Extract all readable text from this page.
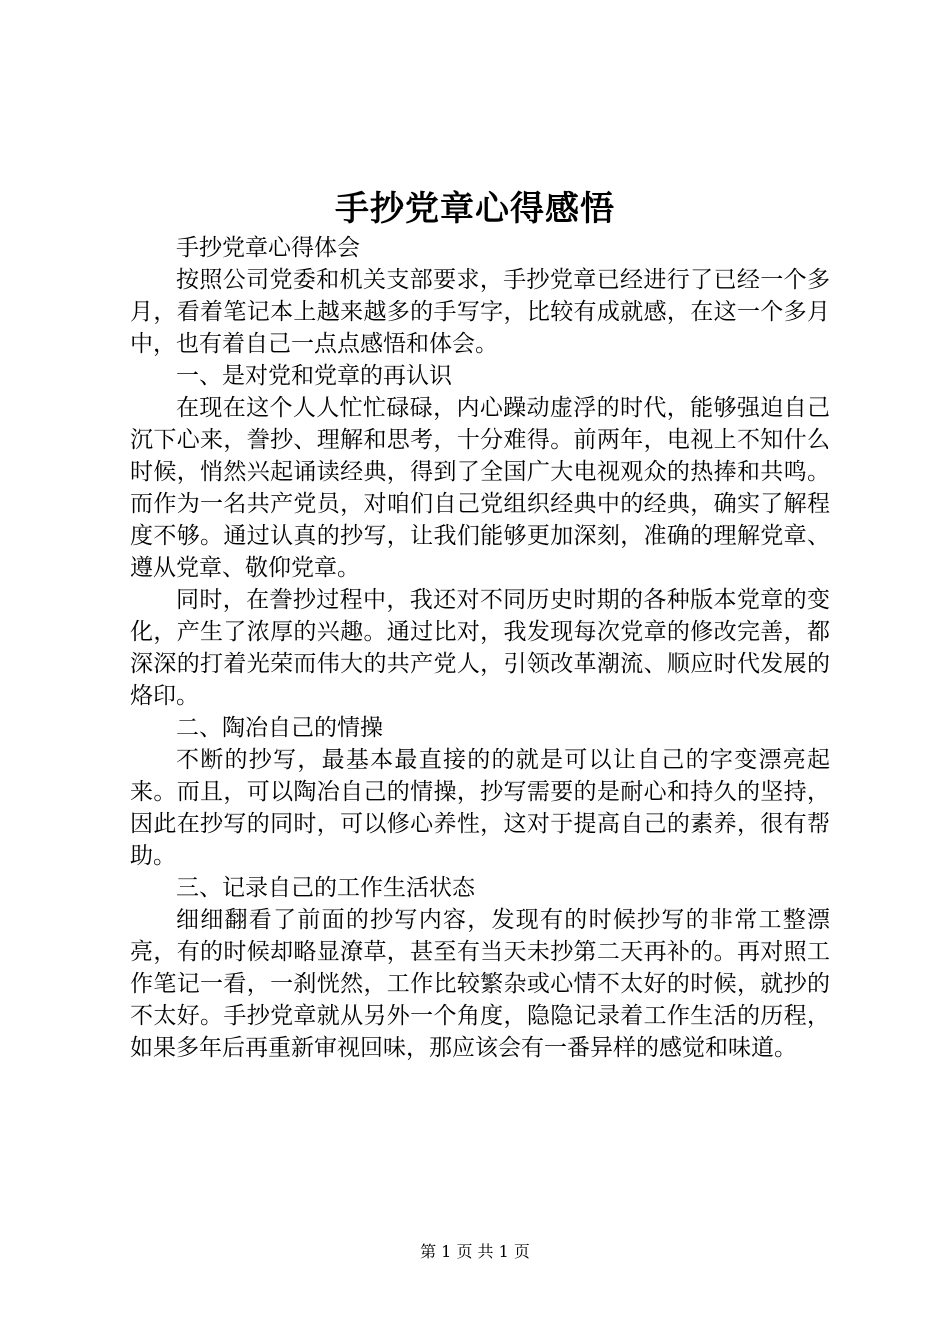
手抄党章心得感悟

手抄党章心得体会

按照公司党委和机关支部要求，手抄党章已经进行了已经一个多月，看着笔记本上越来越多的手写字，比较有成就感，在这一个多月中，也有着自己一点点感悟和体会。

一、是对党和党章的再认识

在现在这个人人忙忙碌碌，内心躁动虚浮的时代，能够强迫自己沉下心来，誊抄、理解和思考，十分难得。前两年，电视上不知什么时候，悄然兴起诵读经典，得到了全国广大电视观众的热捧和共鸣。而作为一名共产党员，对咱们自己党组织经典中的经典，确实了解程度不够。通过认真的抄写，让我们能够更加深刻，准确的理解党章、遵从党章、敬仰党章。

同时，在誊抄过程中，我还对不同历史时期的各种版本党章的变化，产生了浓厚的兴趣。通过比对，我发现每次党章的修改完善，都深深的打着光荣而伟大的共产党人，引领改革潮流、顺应时代发展的烙印。

二、陶冶自己的情操

不断的抄写，最基本最直接的的就是可以让自己的字变漂亮起来。而且，可以陶冶自己的情操，抄写需要的是耐心和持久的坚持，因此在抄写的同时，可以修心养性，这对于提高自己的素养，很有帮助。

三、记录自己的工作生活状态

细细翻看了前面的抄写内容，发现有的时候抄写的非常工整漂亮，有的时候却略显潦草，甚至有当天未抄第二天再补的。再对照工作笔记一看，一刹恍然，工作比较繁杂或心情不太好的时候，就抄的不太好。手抄党章就从另外一个角度，隐隐记录着工作生活的历程，如果多年后再重新审视回味，那应该会有一番异样的感觉和味道。

第 1 页 共 1 页
